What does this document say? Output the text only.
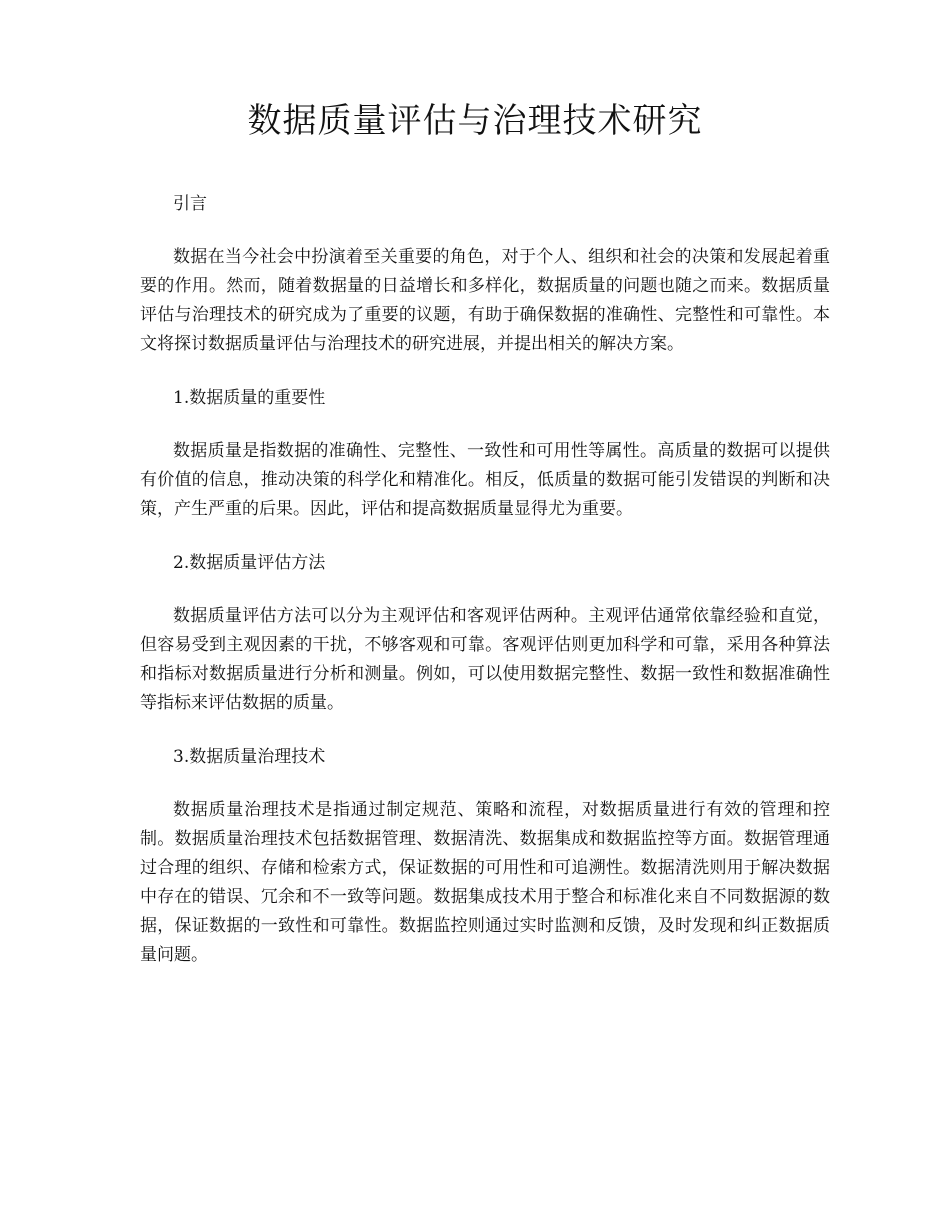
数据质量评估与治理技术研究

引言

数据在当今社会中扮演着至关重要的角色，对于个人、组织和社会的决策和发展起着重要的作用。然而，随着数据量的日益增长和多样化，数据质量的问题也随之而来。数据质量评估与治理技术的研究成为了重要的议题，有助于确保数据的准确性、完整性和可靠性。本文将探讨数据质量评估与治理技术的研究进展，并提出相关的解决方案。

1.数据质量的重要性

数据质量是指数据的准确性、完整性、一致性和可用性等属性。高质量的数据可以提供有价值的信息，推动决策的科学化和精准化。相反，低质量的数据可能引发错误的判断和决策，产生严重的后果。因此，评估和提高数据质量显得尤为重要。

2.数据质量评估方法

数据质量评估方法可以分为主观评估和客观评估两种。主观评估通常依靠经验和直觉，但容易受到主观因素的干扰，不够客观和可靠。客观评估则更加科学和可靠，采用各种算法和指标对数据质量进行分析和测量。例如，可以使用数据完整性、数据一致性和数据准确性等指标来评估数据的质量。

3.数据质量治理技术

数据质量治理技术是指通过制定规范、策略和流程，对数据质量进行有效的管理和控制。数据质量治理技术包括数据管理、数据清洗、数据集成和数据监控等方面。数据管理通过合理的组织、存储和检索方式，保证数据的可用性和可追溯性。数据清洗则用于解决数据中存在的错误、冗余和不一致等问题。数据集成技术用于整合和标准化来自不同数据源的数据，保证数据的一致性和可靠性。数据监控则通过实时监测和反馈，及时发现和纠正数据质量问题。
